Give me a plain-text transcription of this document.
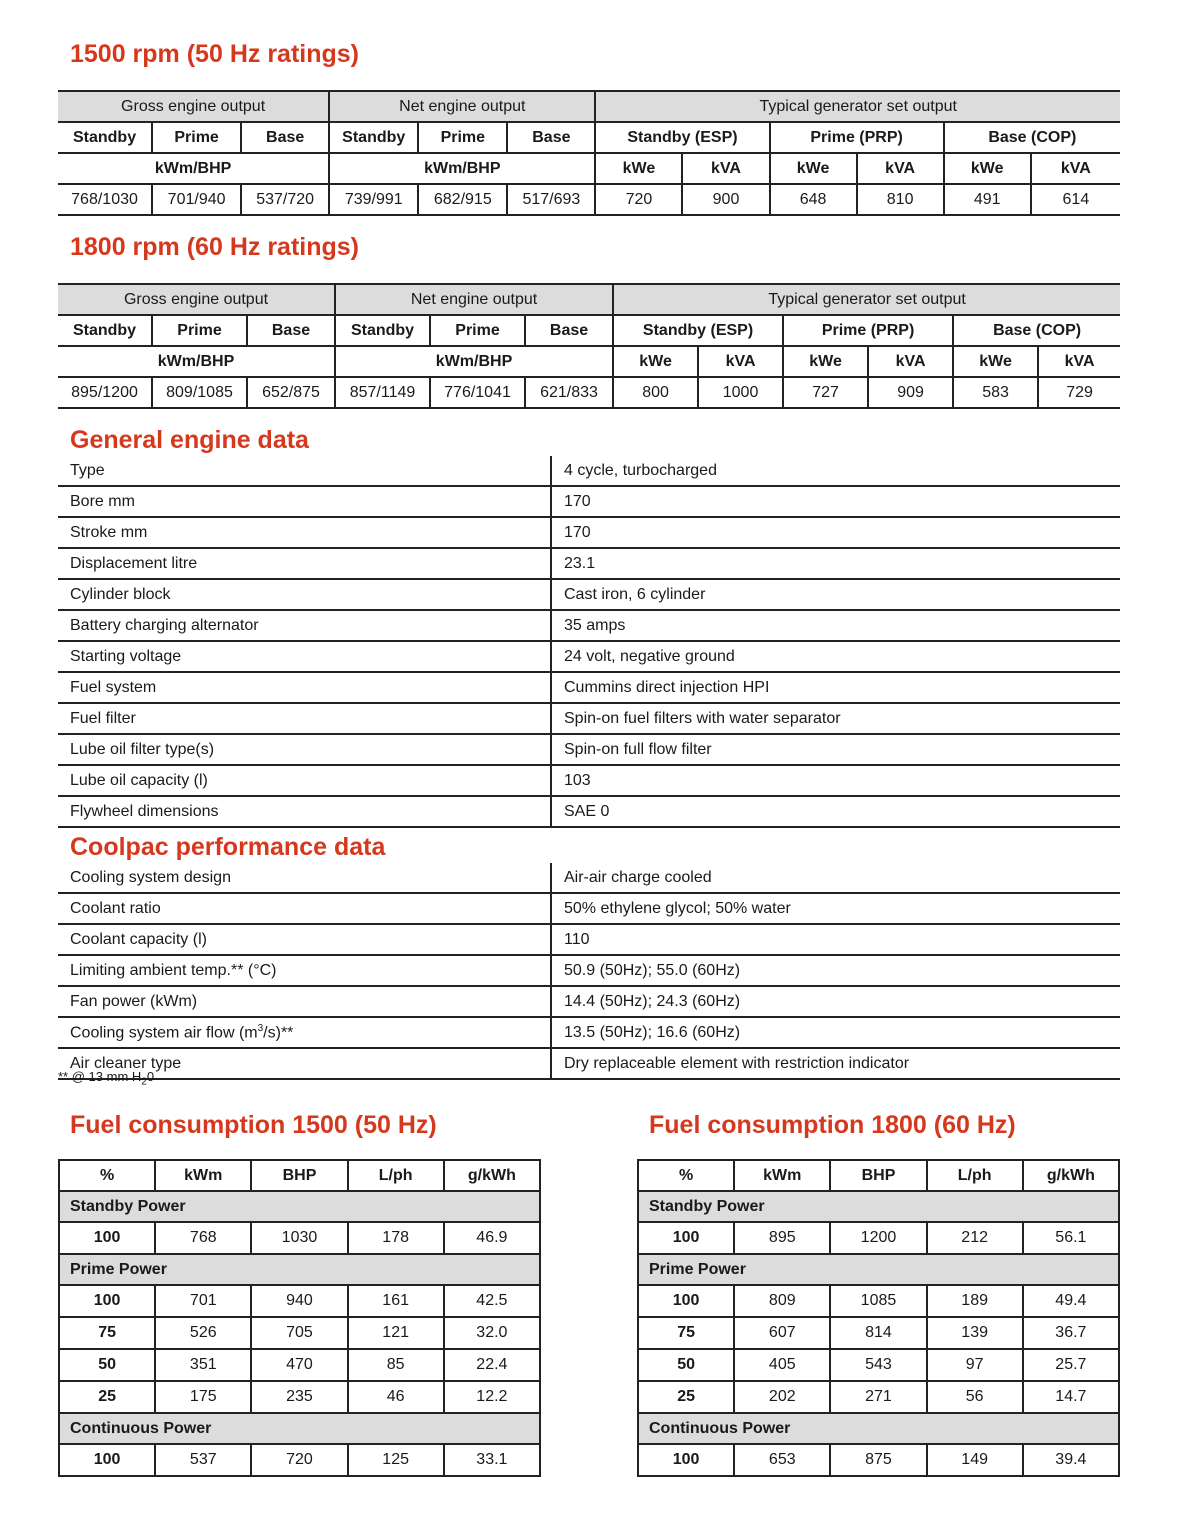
1500 rpm (50 Hz ratings)
Gross engine output			Net engine output			Typical generator set output					
Standby	Prime	Base	Standby	Prime	Base	Standby (ESP)		Prime (PRP)		Base (COP)	
kWm/BHP			kWm/BHP			kWe	kVA	kWe	kVA	kWe	kVA
768/1030	701/940	537/720	739/991	682/915	517/693	720	900	648	810	491	614
1800 rpm (60 Hz ratings)
Gross engine output			Net engine output			Typical generator set output					
Standby	Prime	Base	Standby	Prime	Base	Standby (ESP)		Prime (PRP)		Base (COP)	
kWm/BHP			kWm/BHP			kWe	kVA	kWe	kVA	kWe	kVA
895/1200	809/1085	652/875	857/1149	776/1041	621/833	800	1000	727	909	583	729
General engine data
Type	4 cycle, turbocharged
Bore mm	170
Stroke mm	170
Displacement litre	23.1
Cylinder block	Cast iron, 6 cylinder
Battery charging alternator	35 amps
Starting voltage	24 volt, negative ground
Fuel system	Cummins direct injection HPI
Fuel filter	Spin-on fuel filters with water separator
Lube oil filter type(s)	Spin-on full flow filter
Lube oil capacity (l)	103
Flywheel dimensions	SAE 0
Coolpac performance data
Cooling system design	Air-air charge cooled
Coolant ratio	50% ethylene glycol; 50% water
Coolant capacity (l)	110
Limiting ambient temp.** (°C)	50.9 (50Hz); 55.0 (60Hz)
Fan power (kWm)	14.4 (50Hz); 24.3 (60Hz)
Cooling system air flow $(m^3/s)**$	13.5 (50Hz); 16.6 (60Hz)
Air cleaner type	Dry replaceable element with restriction indicator
** @ 13 mm $H_20$
Fuel consumption 1500 (50 Hz)
%	kWm	BHP	L/ph	g/kWh
Standby Power				
100	768	1030	178	46.9
Prime Power				
100	701	940	161	42.5
75	526	705	121	32.0
50	351	470	85	22.4
25	175	235	46	12.2
Continuous Power				
100	537	720	125	33.1
Fuel consumption 1800 (60 Hz)
%	kWm	BHP	L/ph	g/kWh
Standby Power				
100	895	1200	212	56.1
Prime Power				
100	809	1085	189	49.4
75	607	814	139	36.7
50	405	543	97	25.7
25	202	271	56	14.7
Continuous Power				
100	653	875	149	39.4
